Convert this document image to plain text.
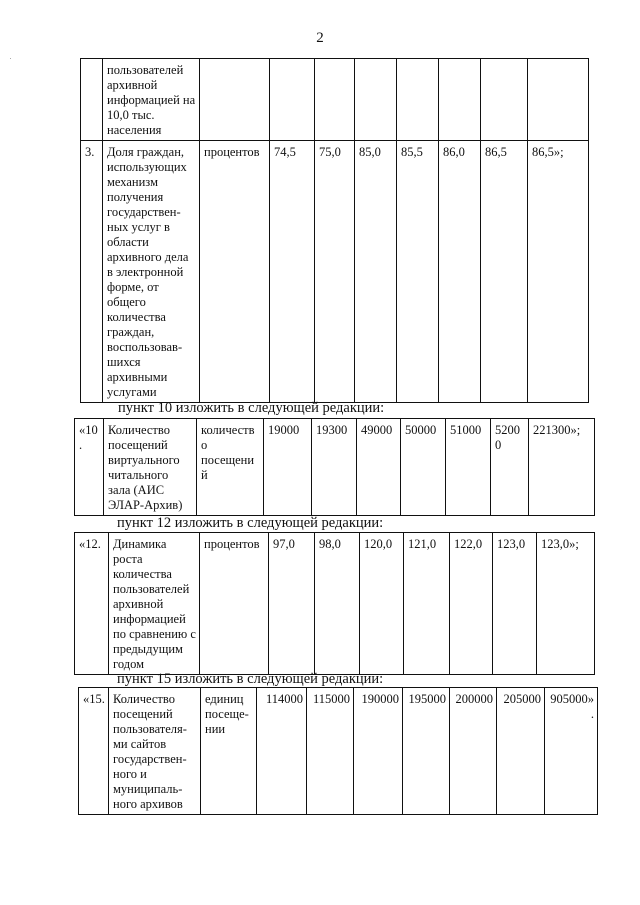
2
	пользователей архивной информацией на 10,0 тыс. населения								
3.	Доля граждан, использующих механизм получения государствен-ных услуг в области архивного дела в электронной форме, от общего количества граждан, воспользовав-шихся архивными услугами	процентов	74,5	75,0	85,0	85,5	86,0	86,5	86,5»;
пункт 10 изложить в следующей редакции:
«10.	Количество посещений виртуального читального зала (АИС ЭЛАР-Архив)	количество посещений	19000	19300	49000	50000	51000	52000	221300»;
пункт 12 изложить в следующей редакции:
«12.	Динамика роста количества пользователей архивной информацией по сравнению с предыдущим годом	процентов	97,0	98,0	120,0	121,0	122,0	123,0	123,0»;
пункт 15 изложить в следующей редакции:
«15.	Количество посещений пользователя-ми сайтов государствен-ного и муниципаль-ного архивов	единиц посеще-нии	114000	115000	190000	195000	200000	205000	905000».
